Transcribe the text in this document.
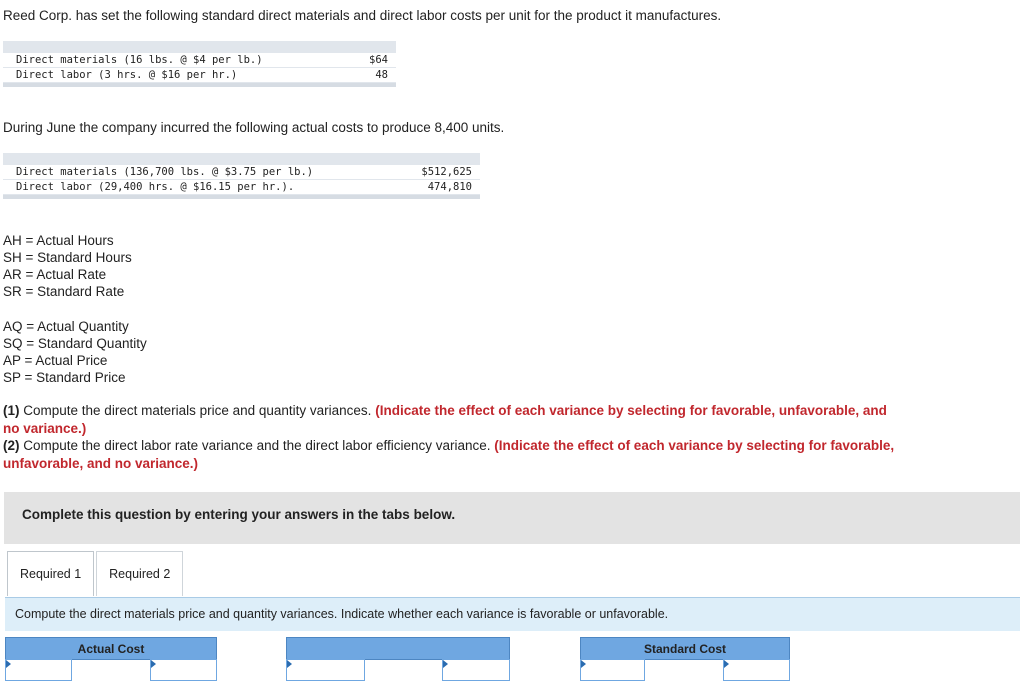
Reed Corp. has set the following standard direct materials and direct labor costs per unit for the product it manufactures.
Direct materials (16 lbs. @ $4 per lb.)	$64
Direct labor (3 hrs. @ $16 per hr.)	48
During June the company incurred the following actual costs to produce 8,400 units.
Direct materials (136,700 lbs. @ $3.75 per lb.)	$512,625
Direct labor (29,400 hrs. @ $16.15 per hr.).	474,810
AH = Actual Hours
SH = Standard Hours
AR = Actual Rate
SR = Standard Rate
AQ = Actual Quantity
SQ = Standard Quantity
AP = Actual Price
SP = Standard Price
(1) Compute the direct materials price and quantity variances. (Indicate the effect of each variance by selecting for favorable, unfavorable, and no variance.)
(2) Compute the direct labor rate variance and the direct labor efficiency variance. (Indicate the effect of each variance by selecting for favorable, unfavorable, and no variance.)
Complete this question by entering your answers in the tabs below.
Required 1	Required 2
Compute the direct materials price and quantity variances. Indicate whether each variance is favorable or unfavorable.
Actual Cost	Standard Cost
